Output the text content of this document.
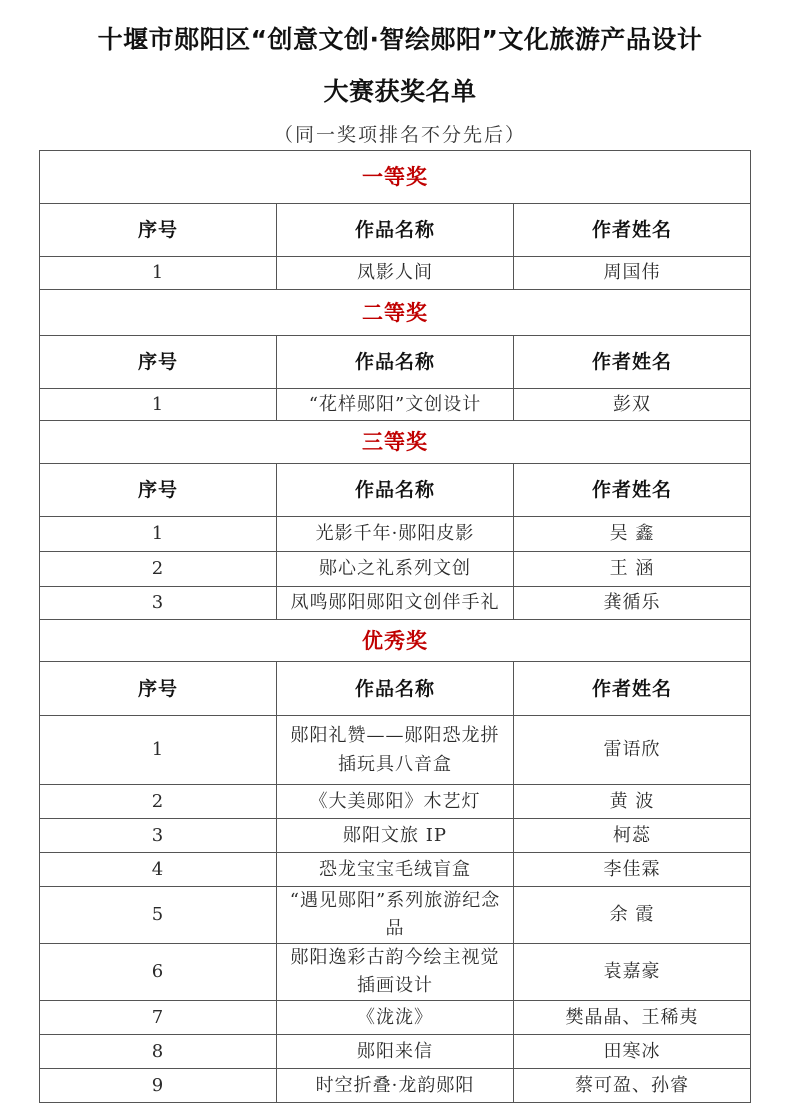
十堰市郧阳区“创意文创·智绘郧阳”文化旅游产品设计
大赛获奖名单
（同一奖项排名不分先后）
一等奖		
序号	作品名称	作者姓名
1	凤影人间	周国伟
二等奖		
序号	作品名称	作者姓名
1	“花样郧阳”文创设计	彭双
三等奖		
序号	作品名称	作者姓名
1	光影千年·郧阳皮影	吴 鑫
2	郧心之礼系列文创	王 涵
3	凤鸣郧阳郧阳文创伴手礼	龚循乐
优秀奖		
序号	作品名称	作者姓名
1	郧阳礼赞——郧阳恐龙拼插玩具八音盒	雷语欣
2	《大美郧阳》木艺灯	黄 波
3	郧阳文旅 IP	柯蕊
4	恐龙宝宝毛绒盲盒	李佳霖
5	“遇见郧阳”系列旅游纪念品	余 霞
6	郧阳逸彩古韵今绘主视觉插画设计	袁嘉豪
7	《泷泷》	樊晶晶、王稀夷
8	郧阳来信	田寒冰
9	时空折叠·龙韵郧阳	蔡可盈、孙睿
